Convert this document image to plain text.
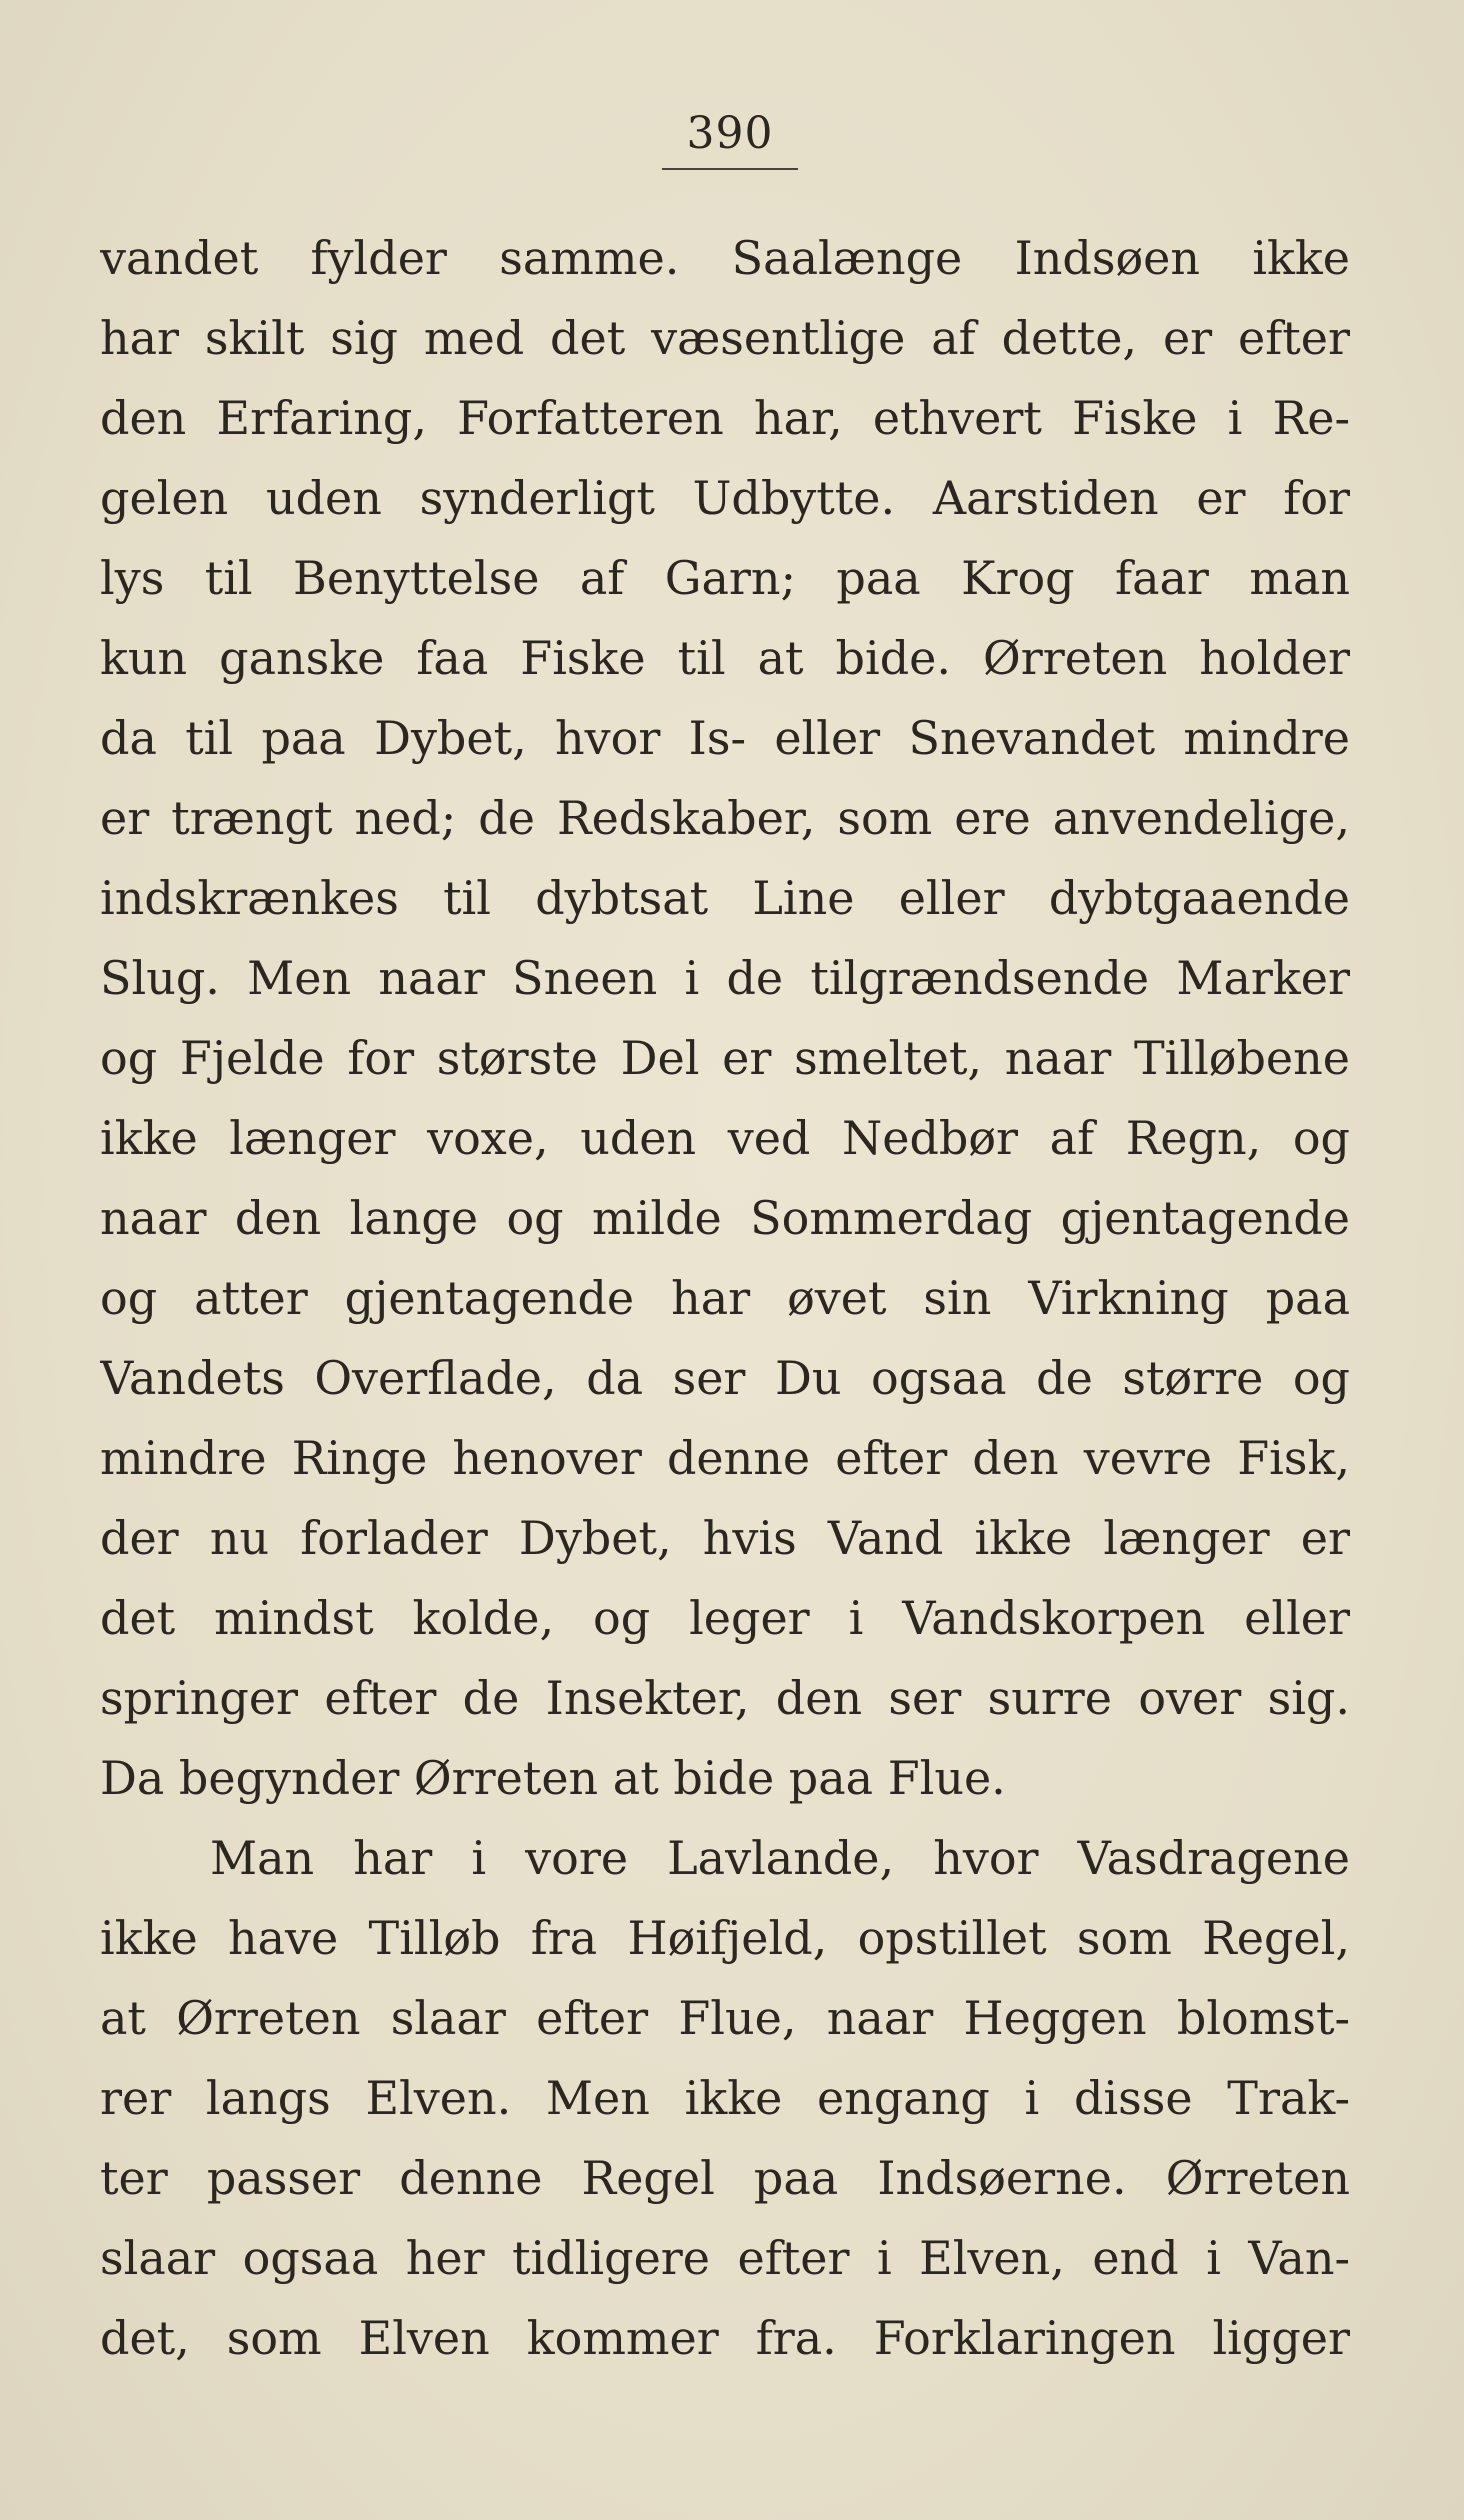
390
vandet fylder samme. Saalænge Indsøen ikke
har skilt sig med det væsentlige af dette, er efter
den Erfaring, Forfatteren har, ethvert Fiske i Re-
gelen uden synderligt Udbytte. Aarstiden er for
lys til Benyttelse af Garn; paa Krog faar man
kun ganske faa Fiske til at bide. Ørreten holder
da til paa Dybet, hvor Is- eller Snevandet mindre
er trængt ned; de Redskaber, som ere anvendelige,
indskrænkes til dybtsat Line eller dybtgaaende
Slug. Men naar Sneen i de tilgrændsende Marker
og Fjelde for største Del er smeltet, naar Tilløbene
ikke længer voxe, uden ved Nedbør af Regn, og
naar den lange og milde Sommerdag gjentagende
og atter gjentagende har øvet sin Virkning paa
Vandets Overflade, da ser Du ogsaa de større og
mindre Ringe henover denne efter den vevre Fisk,
der nu forlader Dybet, hvis Vand ikke længer er
det mindst kolde, og leger i Vandskorpen eller
springer efter de Insekter, den ser surre over sig.
Da begynder Ørreten at bide paa Flue.
Man har i vore Lavlande, hvor Vasdragene
ikke have Tilløb fra Høifjeld, opstillet som Regel,
at Ørreten slaar efter Flue, naar Heggen blomst-
rer langs Elven. Men ikke engang i disse Trak-
ter passer denne Regel paa Indsøerne. Ørreten
slaar ogsaa her tidligere efter i Elven, end i Van-
det, som Elven kommer fra. Forklaringen ligger
